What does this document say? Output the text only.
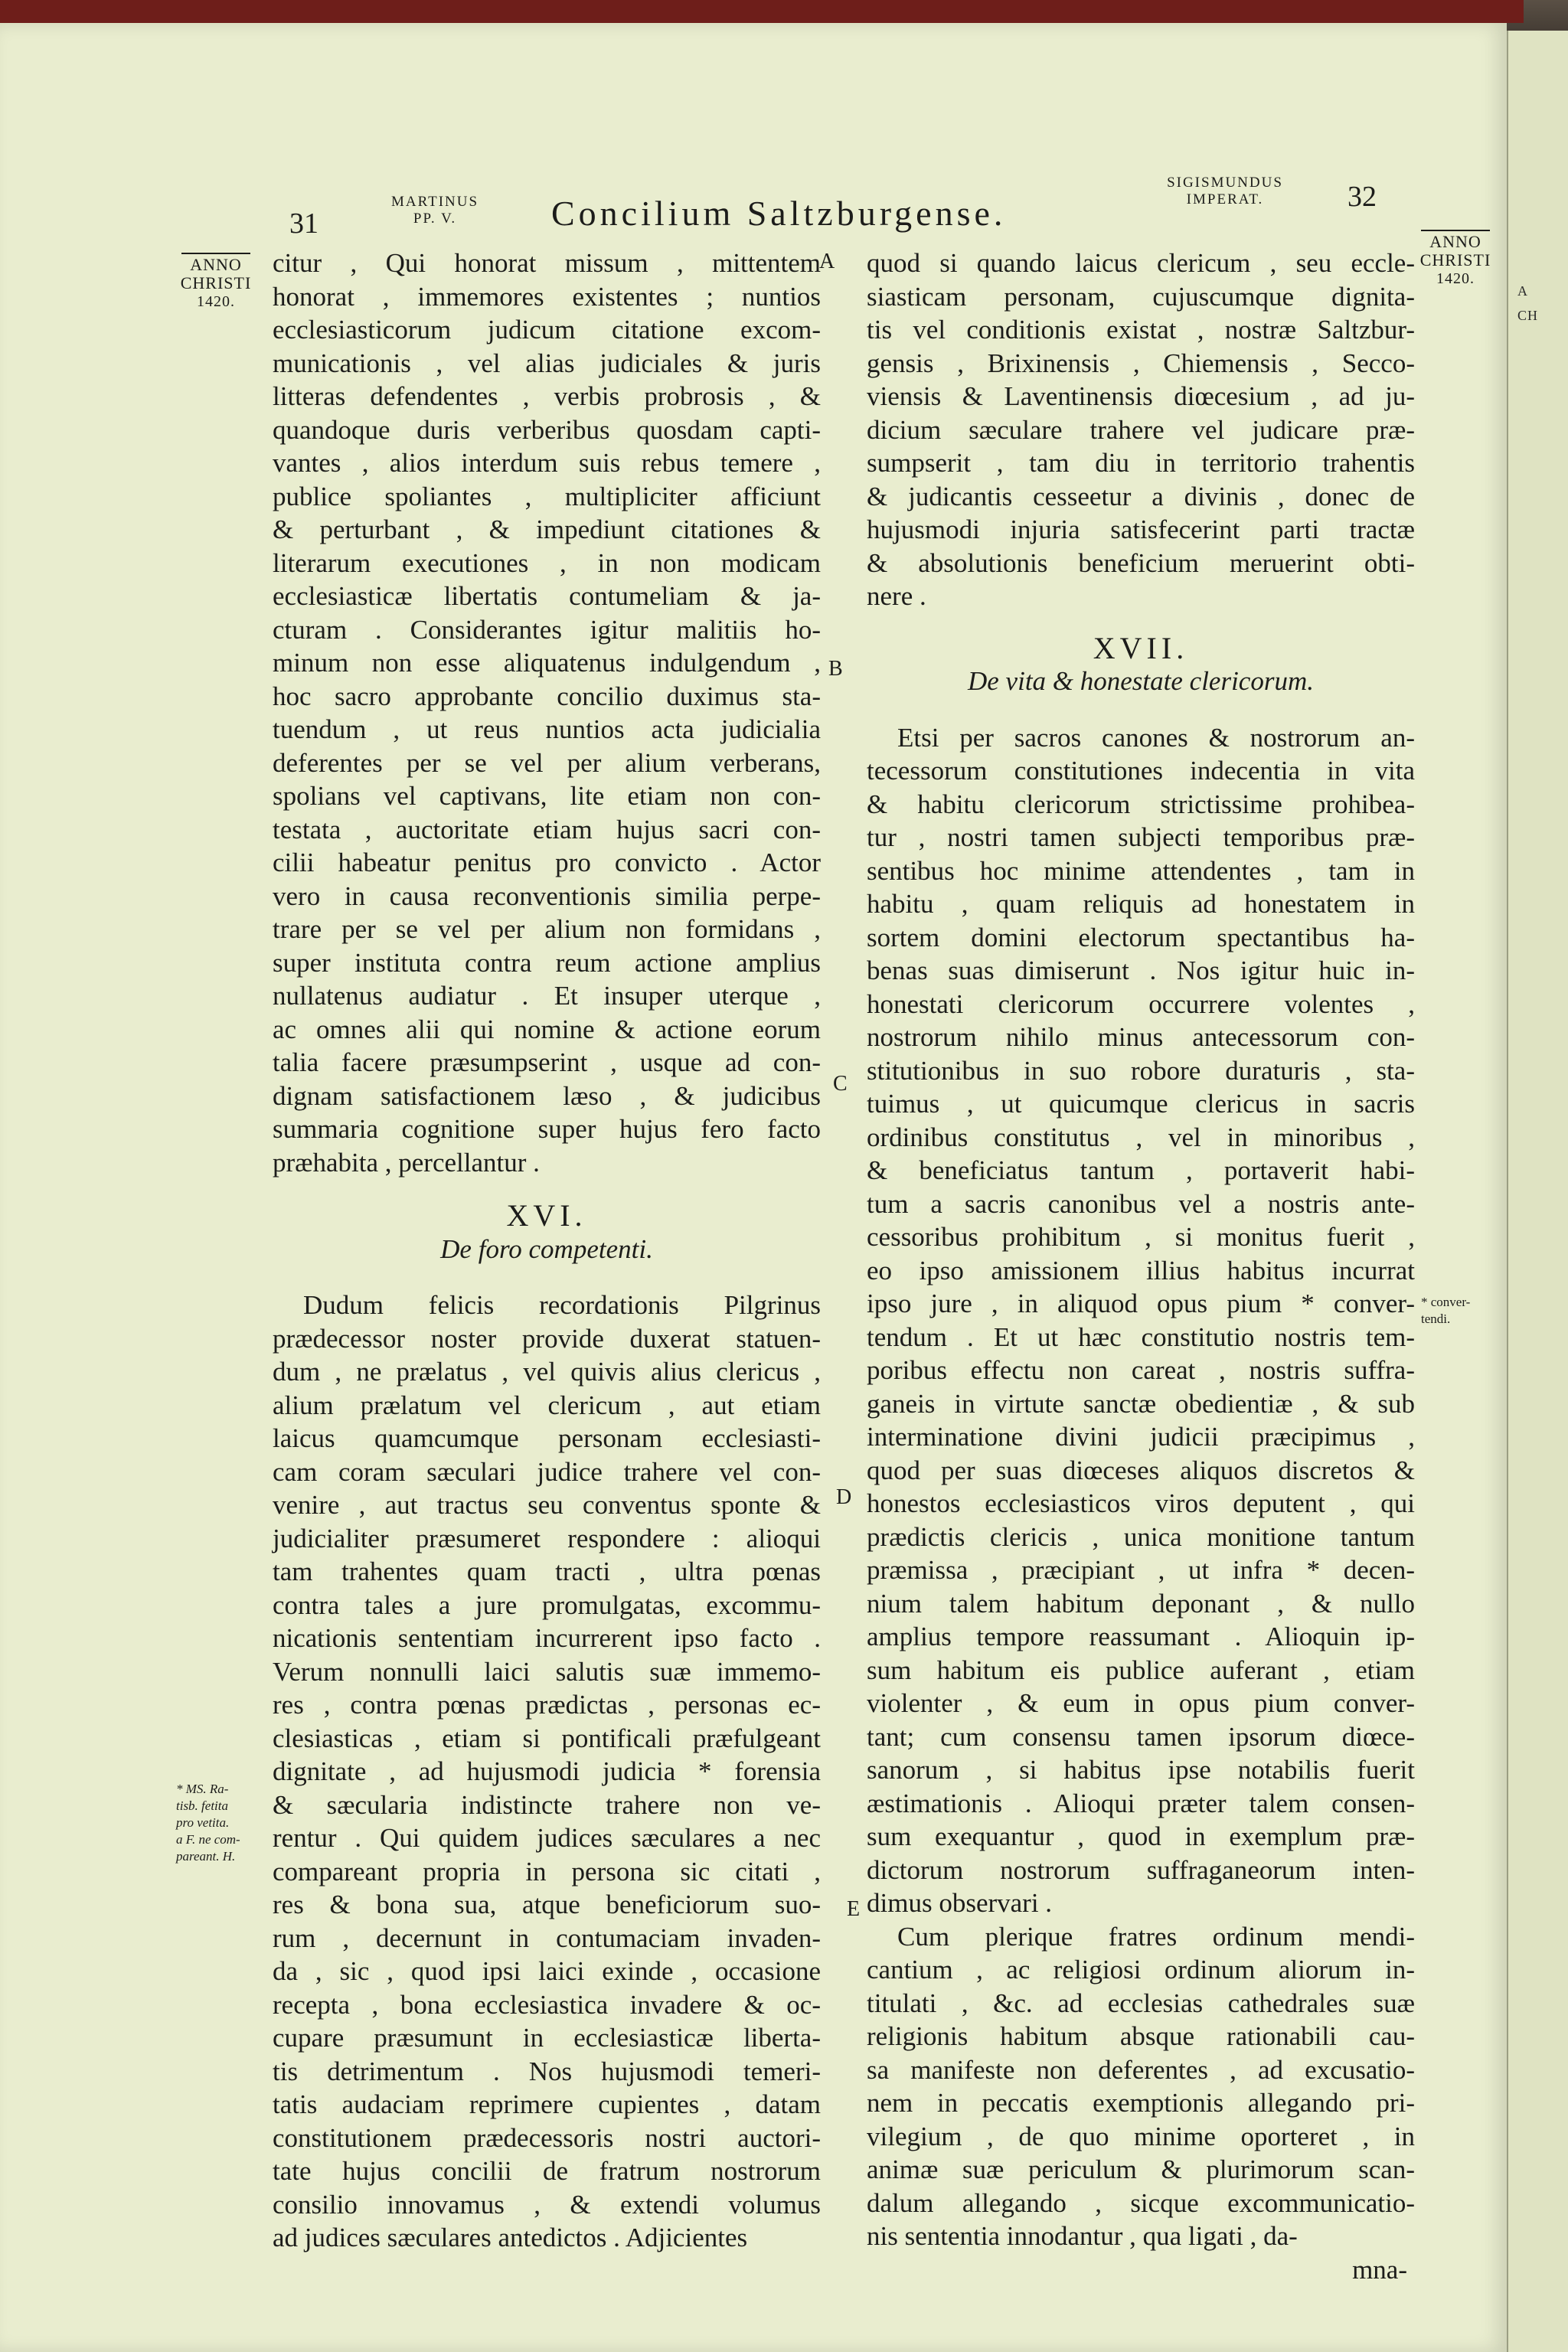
A
CH
31
MARTINUS
PP. V.	Concilium Saltzburgense.
SIGISMUNDUS
IMPERAT.	32
ANNO
CHRISTI
1420.
ANNO
CHRISTI
1420.
A
B
C
D
E
* MS. Ra-
tisb. fetita
pro vetita.
a F. ne com-
pareant. H.
* conver-
tendi.
citur , Qui honorat missum , mittentem
honorat , immemores existentes ; nuntios
ecclesiasticorum judicum citatione excom-
municationis , vel alias judiciales & juris
litteras defendentes , verbis probrosis , &
quandoque duris verberibus quosdam capti-
vantes , alios interdum suis rebus temere ,
publice spoliantes , multipliciter afficiunt
& perturbant , & impediunt citationes &
literarum executiones , in non modicam
ecclesiasticæ libertatis contumeliam & ja-
cturam . Considerantes igitur malitiis ho-
minum non esse aliquatenus indulgendum ,
hoc sacro approbante concilio duximus sta-
tuendum , ut reus nuntios acta judicialia
deferentes per se vel per alium verberans,
spolians vel captivans, lite etiam non con-
testata , auctoritate etiam hujus sacri con-
cilii habeatur penitus pro convicto . Actor
vero in causa reconventionis similia perpe-
trare per se vel per alium non formidans ,
super instituta contra reum actione amplius
nullatenus audiatur . Et insuper uterque ,
ac omnes alii qui nomine & actione eorum
talia facere præsumpserint , usque ad con-
dignam satisfactionem læso , & judicibus
summaria cognitione super hujus fero facto
præhabita , percellantur .
XVI.
De foro competenti.
Dudum felicis recordationis Pilgrinus
prædecessor noster provide duxerat statuen-
dum , ne prælatus , vel quivis alius clericus ,
alium prælatum vel clericum , aut etiam
laicus quamcumque personam ecclesiasti-
cam coram sæculari judice trahere vel con-
venire , aut tractus seu conventus sponte &
judicialiter præsumeret respondere : alioqui
tam trahentes quam tracti , ultra pœnas
contra tales a jure promulgatas, excommu-
nicationis sententiam incurrerent ipso facto .
Verum nonnulli laici salutis suæ immemo-
res , contra pœnas prædictas , personas ec-
clesiasticas , etiam si pontificali præfulgeant
dignitate , ad hujusmodi judicia * forensia
& sæcularia indistincte trahere non ve-
rentur . Qui quidem judices sæculares a nec
compareant propria in persona sic citati ,
res & bona sua, atque beneficiorum suo-
rum , decernunt in contumaciam invaden-
da , sic , quod ipsi laici exinde , occasione
recepta , bona ecclesiastica invadere & oc-
cupare præsumunt in ecclesiasticæ liberta-
tis detrimentum . Nos hujusmodi temeri-
tatis audaciam reprimere cupientes , datam
constitutionem prædecessoris nostri auctori-
tate hujus concilii de fratrum nostrorum
consilio innovamus , & extendi volumus
ad judices sæculares antedictos . Adjicientes
quod si quando laicus clericum , seu eccle-
siasticam personam, cujuscumque dignita-
tis vel conditionis existat , nostræ Saltzbur-
gensis , Brixinensis , Chiemensis , Secco-
viensis & Laventinensis diœcesium , ad ju-
dicium sæculare trahere vel judicare præ-
sumpserit , tam diu in territorio trahentis
& judicantis cesseetur a divinis , donec de
hujusmodi injuria satisfecerint parti tractæ
& absolutionis beneficium meruerint obti-
nere .
XVII.
De vita & honestate clericorum.
Etsi per sacros canones & nostrorum an-
tecessorum constitutiones indecentia in vita
& habitu clericorum strictissime prohibea-
tur , nostri tamen subjecti temporibus præ-
sentibus hoc minime attendentes , tam in
habitu , quam reliquis ad honestatem in
sortem domini electorum spectantibus ha-
benas suas dimiserunt . Nos igitur huic in-
honestati clericorum occurrere volentes ,
nostrorum nihilo minus antecessorum con-
stitutionibus in suo robore duraturis , sta-
tuimus , ut quicumque clericus in sacris
ordinibus constitutus , vel in minoribus ,
& beneficiatus tantum , portaverit habi-
tum a sacris canonibus vel a nostris ante-
cessoribus prohibitum , si monitus fuerit ,
eo ipso amissionem illius habitus incurrat
ipso jure , in aliquod opus pium * conver-
tendum . Et ut hæc constitutio nostris tem-
poribus effectu non careat , nostris suffra-
ganeis in virtute sanctæ obedientiæ , & sub
interminatione divini judicii præcipimus ,
quod per suas diœceses aliquos discretos &
honestos ecclesiasticos viros deputent , qui
prædictis clericis , unica monitione tantum
præmissa , præcipiant , ut infra * decen-
nium talem habitum deponant , & nullo
amplius tempore reassumant . Alioquin ip-
sum habitum eis publice auferant , etiam
violenter , & eum in opus pium conver-
tant; cum consensu tamen ipsorum diœce-
sanorum , si habitus ipse notabilis fuerit
æstimationis . Alioqui præter talem consen-
sum exequantur , quod in exemplum præ-
dictorum nostrorum suffraganeorum inten-
dimus observari .
Cum plerique fratres ordinum mendi-
cantium , ac religiosi ordinum aliorum in-
titulati , &c. ad ecclesias cathedrales suæ
religionis habitum absque rationabili cau-
sa manifeste non deferentes , ad excusatio-
nem in peccatis exemptionis allegando pri-
vilegium , de quo minime oporteret , in
animæ suæ periculum & plurimorum scan-
dalum allegando , sicque excommunicatio-
nis sententia innodantur , qua ligati , da-
mna-
